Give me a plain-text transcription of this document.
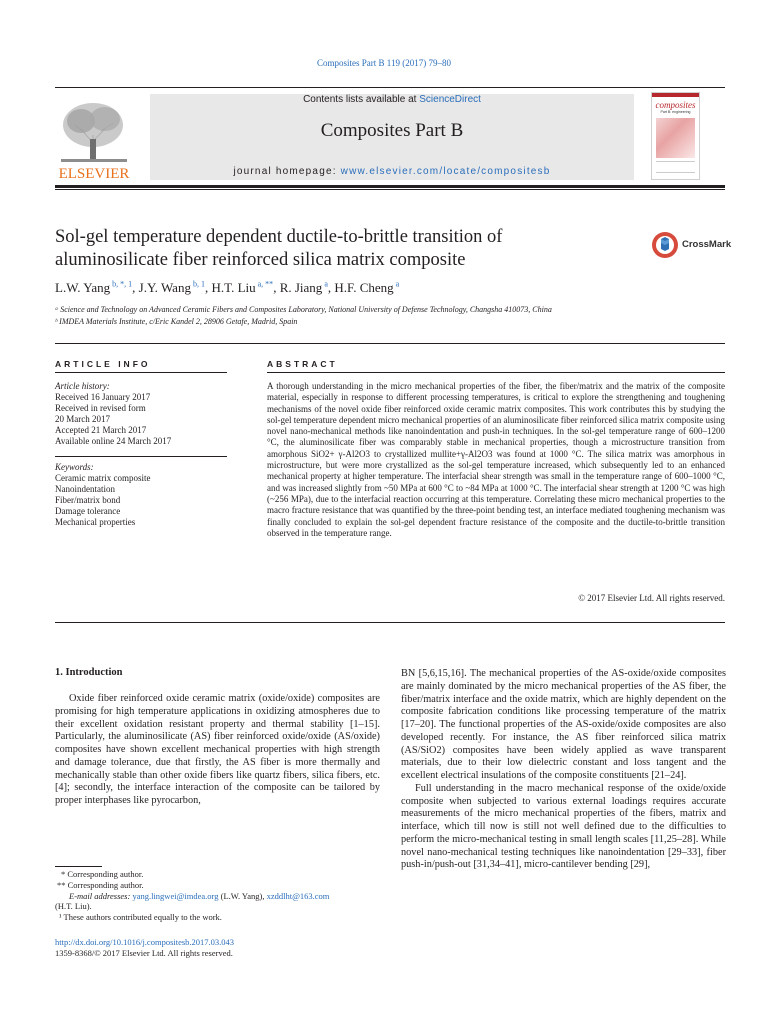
Composites Part B 119 (2017) 79–80
ELSEVIER
Contents lists available at ScienceDirect
Composites Part B
journal homepage: www.elsevier.com/locate/compositesb
composites
Part B: engineering
Sol-gel temperature dependent ductile-to-brittle transition of aluminosilicate fiber reinforced silica matrix composite
CrossMark
L.W. Yang $^{b, *, 1}$, J.Y. Wang $^{b, 1}$, H.T. Liu $^{a, **}$, R. Jiang $^a$, H.F. Cheng $^a$
ᵃ Science and Technology on Advanced Ceramic Fibers and Composites Laboratory, National University of Defense Technology, Changsha 410073, China
ᵇ IMDEA Materials Institute, c/Eric Kandel 2, 28906 Getafe, Madrid, Spain
ARTICLE INFO	ABSTRACT
Article history:
Received 16 January 2017
Received in revised form
20 March 2017
Accepted 21 March 2017
Available online 24 March 2017
Keywords:
Ceramic matrix composite
Nanoindentation
Fiber/matrix bond
Damage tolerance
Mechanical properties
A thorough understanding in the micro mechanical properties of the fiber, the fiber/matrix and the matrix of the composite material, especially in response to different processing temperatures, is critical to explore the strengthening and toughening mechanisms of the novel oxide fiber reinforced oxide ceramic matrix composites. This work contributes this by studying the sol-gel temperature dependent micro mechanical properties of an aluminosilicate fiber reinforced silica matrix composite using novel nano-mechanical methods like nanoindentation and push-in techniques. In the sol-gel temperature range of 600–1200 °C, the aluminosilicate fiber was comparably stable in mechanical properties, though a microstructure transition from amorphous SiO2+ γ-Al2O3 to crystallized mullite+γ-Al2O3 was found at 1000 °C. The silica matrix was amorphous in microstructure, but were more crystallized as the sol-gel temperature increased, which subsequently led to an enhanced mechanical property at higher temperature. The interfacial shear strength was small in the temperature range of 600–1000 °C, and was increased slightly from ~50 MPa at 600 °C to ~84 MPa at 1000 °C. The interfacial shear strength at 1200 °C was high (~256 MPa), due to the interfacial reaction occurring at this temperature. Correlating these micro mechanical properties to the macro fracture resistance that was quantified by the three-point bending test, an interface mediated toughening mechanism was finally concluded to explain the sol-gel dependent fracture resistance of the composite and the ductile-to-brittle transition observed in the temperature range.
© 2017 Elsevier Ltd. All rights reserved.
1. Introduction

Oxide fiber reinforced oxide ceramic matrix (oxide/oxide) composites are promising for high temperature applications in oxidizing atmospheres due to their excellent oxidation resistant property and thermal stability [1–15]. Particularly, the aluminosilicate (AS) fiber reinforced oxide/oxide (AS/oxide) composites have shown excellent mechanical properties with high strength and damage tolerance, due that firstly, the AS fiber is more thermally and mechanically stable than other oxide fibers like quartz fibers, silica fibers, etc. [4]; secondly, the interface interaction of the composite can be tailored by proper interphases like pyrocarbon,

BN [5,6,15,16]. The mechanical properties of the AS-oxide/oxide composites are mainly dominated by the micro mechanical properties of the AS fiber, the fiber/matrix interface and the oxide matrix, which are highly dependent on the composite fabrication conditions like processing temperature of the matrix [17–20]. The functional properties of the AS-oxide/oxide composites are also developed recently. For instance, the AS fiber reinforced silica matrix (AS/SiO2) composites have been widely applied as wave transparent materials, due to their low dielectric constant and loss tangent and the excellent electrical insulations of the composite constituents [21–24].

Full understanding in the macro mechanical response of the oxide/oxide composite when subjected to various external loadings requires accurate measurements of the micro mechanical properties of the fibers, matrix and interface, which till now is still not well defined due to the difficulties to perform the micro-mechanical testing in small length scales [11,25–28]. While novel nano-mechanical testing techniques like nanoindentation [29–33], fiber push-in/push-out [31,34–41], micro-cantilever bending [29],

* Corresponding author.
** Corresponding author.
E-mail addresses: yang.lingwei@imdea.org (L.W. Yang), xzddlht@163.com
(H.T. Liu).
¹ These authors contributed equally to the work.
http://dx.doi.org/10.1016/j.compositesb.2017.03.043
1359-8368/© 2017 Elsevier Ltd. All rights reserved.
